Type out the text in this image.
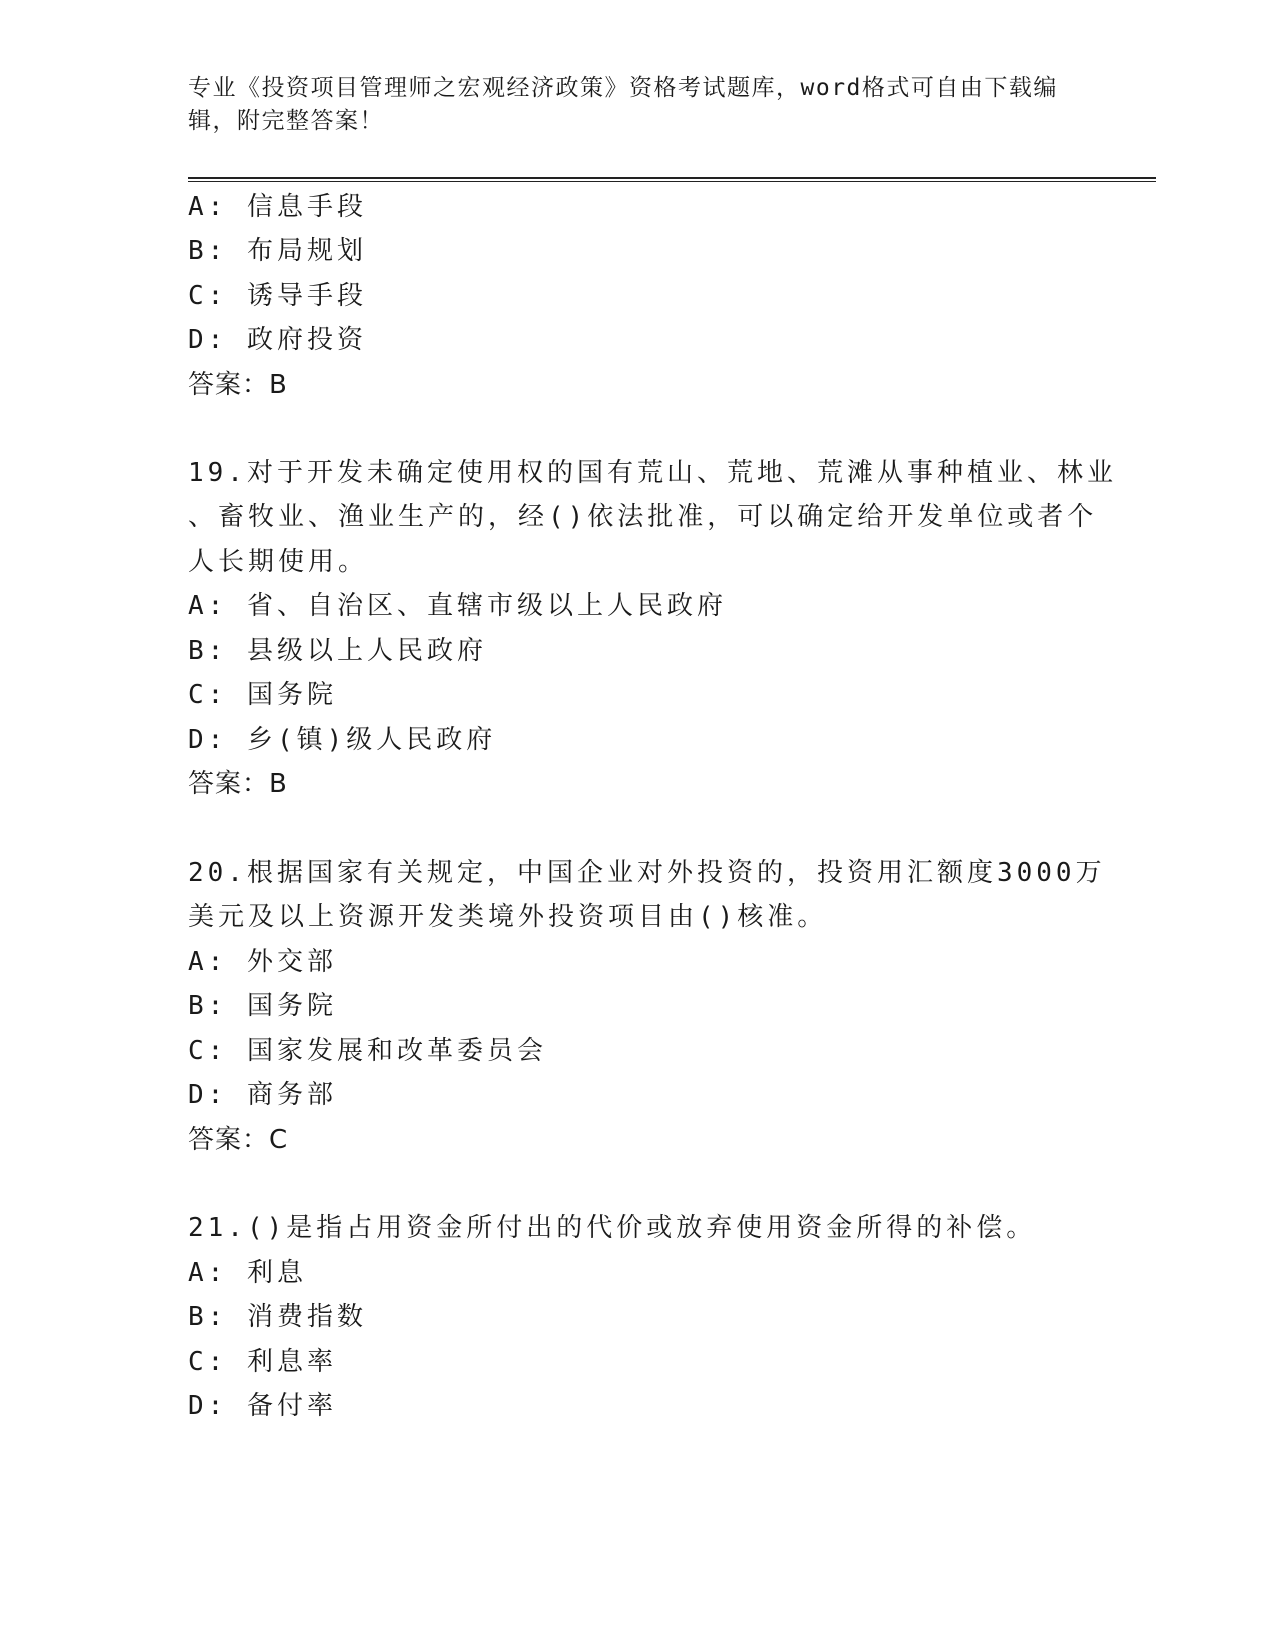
专业《投资项目管理师之宏观经济政策》资格考试题库，word格式可自由下载编辑，附完整答案！
A: 信息手段
B: 布局规划
C: 诱导手段
D: 政府投资
答案：B
19.对于开发未确定使用权的国有荒山、荒地、荒滩从事种植业、林业
、畜牧业、渔业生产的，经()依法批准，可以确定给开发单位或者个
人长期使用。
A: 省、自治区、直辖市级以上人民政府
B: 县级以上人民政府
C: 国务院
D: 乡(镇)级人民政府
答案：B
20.根据国家有关规定，中国企业对外投资的，投资用汇额度3000万
美元及以上资源开发类境外投资项目由()核准。
A: 外交部
B: 国务院
C: 国家发展和改革委员会
D: 商务部
答案：C
21.()是指占用资金所付出的代价或放弃使用资金所得的补偿。
A: 利息
B: 消费指数
C: 利息率
D: 备付率
